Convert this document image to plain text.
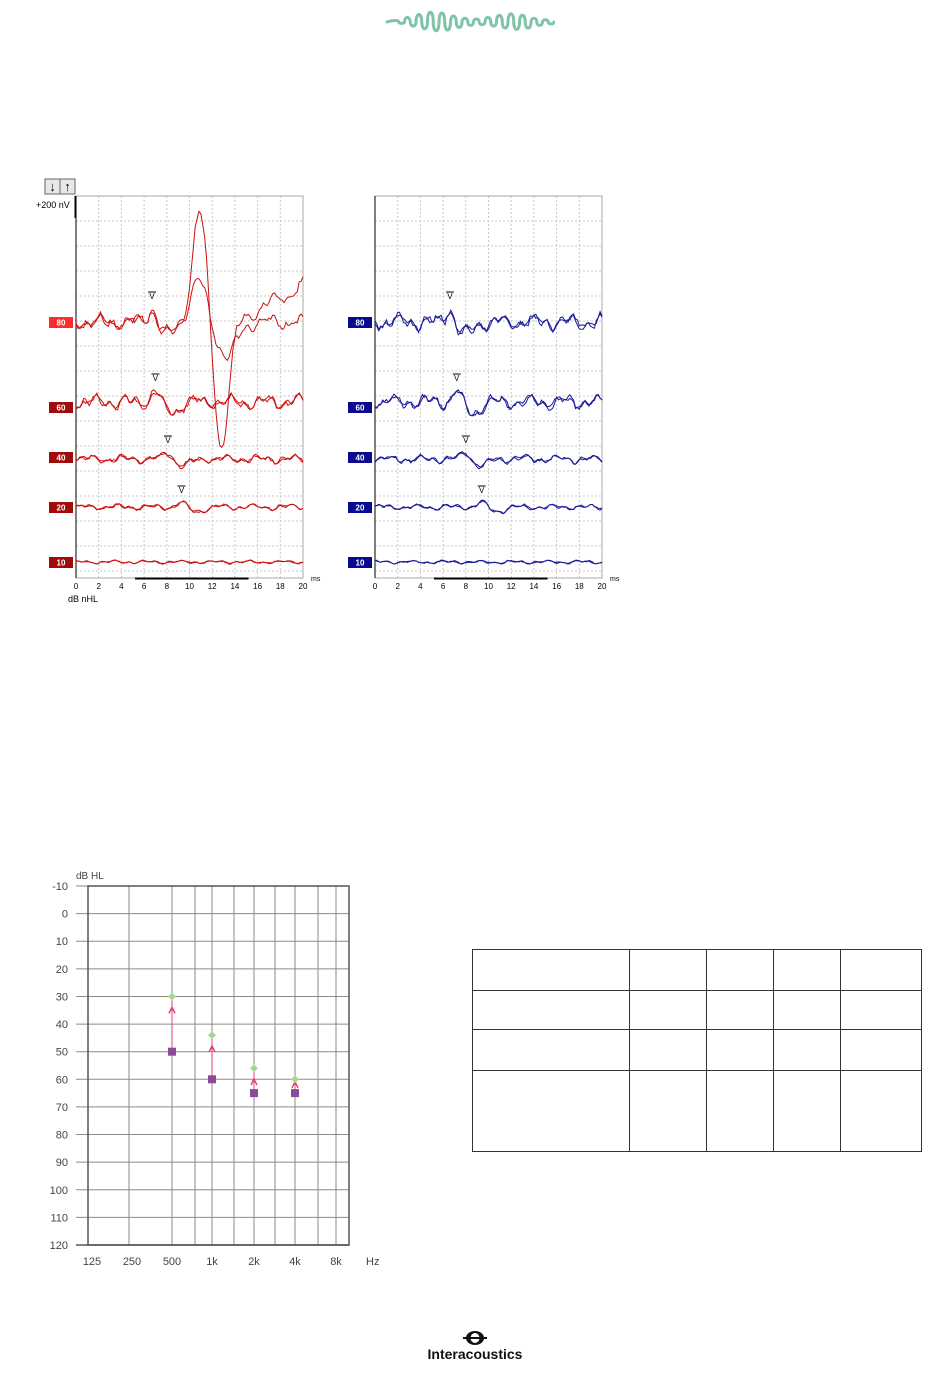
↓ ↑
+200 nV
0 2 4 6 8 10 12 14 16 18 20
ms
V
80
V
60
V
40
V
20
10
0 2 4 6 8 10 12 14 16 18 20
ms
V
80
V
60
V
40
V
20
10
dB nHL
dB HL
-10
0
10
20
30
40
50
60
70
80
90
100
110
120
125 250 500 1k	2k	4k	8k Hz

Interacoustics
